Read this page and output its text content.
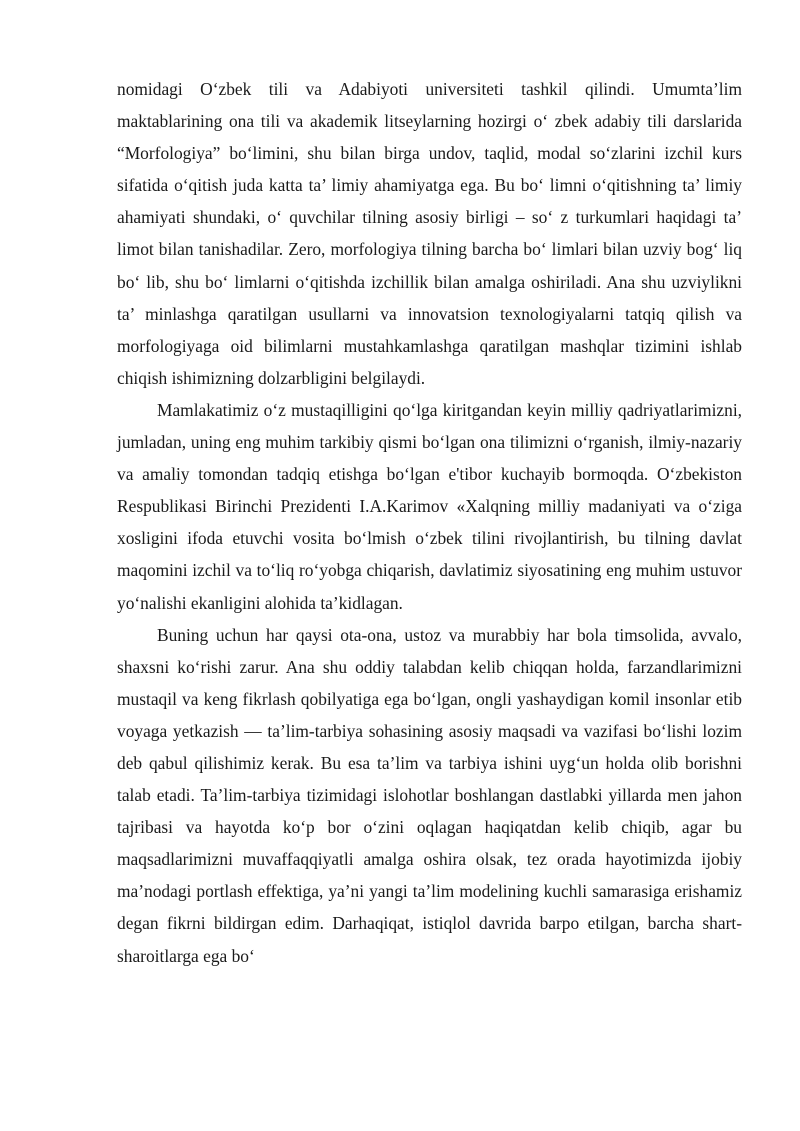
nomidagi O‘zbek tili va Adabiyoti universiteti tashkil qilindi. Umumta’lim maktablarining ona tili va akademik litseylarning hozirgi o‘ zbek adabiy tili darslarida “Morfologiya” bo‘limini, shu bilan birga undov, taqlid, modal so‘zlarini izchil kurs sifatida o‘qitish juda katta ta’ limiy ahamiyatga ega. Bu bo‘ limni o‘qitishning ta’ limiy ahamiyati shundaki, o‘ quvchilar tilning asosiy birligi – so‘ z turkumlari haqidagi ta’ limot bilan tanishadilar. Zero, morfologiya tilning barcha bo‘ limlari bilan uzviy bog‘ liq bo‘ lib, shu bo‘ limlarni o‘qitishda izchillik bilan amalga oshiriladi. Ana shu uzviylikni ta’ minlashga qaratilgan usullarni va innovatsion texnologiyalarni tatqiq qilish va morfologiyaga oid bilimlarni mustahkamlashga qaratilgan mashqlar tizimini ishlab chiqish ishimizning dolzarbligini belgilaydi.

Mamlakatimiz o‘z mustaqilligini qo‘lga kiritgandan keyin milliy qadriyatlarimizni, jumladan, uning eng muhim tarkibiy qismi bo‘lgan ona tilimizni o‘rganish, ilmiy-nazariy va amaliy tomondan tadqiq etishga bo‘lgan e'tibor kuchayib bormoqda. O‘zbekiston Respublikasi Birinchi Prezidenti I.A.Karimov «Xalqning milliy madaniyati va o‘ziga xosligini ifoda etuvchi vosita bo‘lmish o‘zbek tilini rivojlantirish, bu tilning davlat maqomini izchil va to‘liq ro‘yobga chiqarish, davlatimiz siyosatining eng muhim ustuvor yo‘nalishi ekanligini alohida ta’kidlagan.

Buning uchun har qaysi ota-ona, ustoz va murabbiy har bola timsolida, avvalo, shaxsni ko‘rishi zarur. Ana shu oddiy talabdan kelib chiqqan holda, farzandlarimizni mustaqil va keng fikrlash qobilyatiga ega bo‘lgan, ongli yashaydigan komil insonlar etib voyaga yetkazish — ta’lim-tarbiya sohasining asosiy maqsadi va vazifasi bo‘lishi lozim deb qabul qilishimiz kerak. Bu esa ta’lim va tarbiya ishini uyg‘un holda olib borishni talab etadi. Ta’lim-tarbiya tizimidagi islohotlar boshlangan dastlabki yillarda men jahon tajribasi va hayotda ko‘p bor o‘zini oqlagan haqiqatdan kelib chiqib, agar bu maqsadlarimizni muvaffaqqiyatli amalga oshira olsak, tez orada hayotimizda ijobiy ma’nodagi portlash effektiga, ya’ni yangi ta’lim modelining kuchli samarasiga erishamiz degan fikrni bildirgan edim. Darhaqiqat, istiqlol davrida barpo etilgan, barcha shart-sharoitlarga ega bo‘
